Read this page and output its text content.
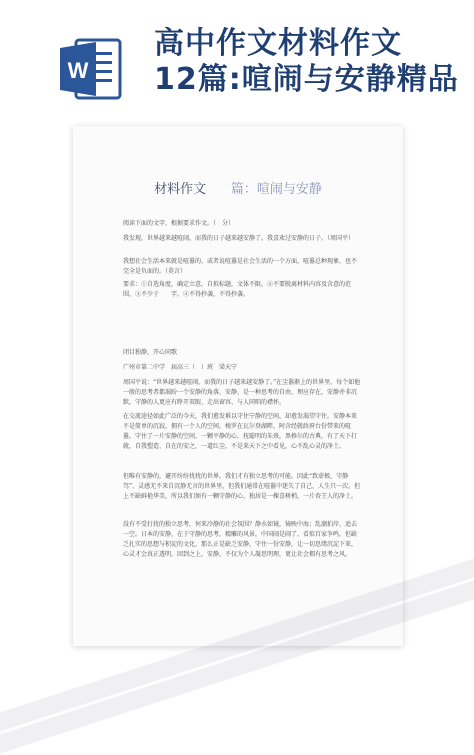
W
高中作文材料作文
12篇:喧闹与安静精品
材料作文 篇：喧闹与安静
阅读下面的文字，根据要求作文。（　分）
我发现，世界越来越喧闹，而我的日子越来越安静了。我喜欢过安静的日子。（周国平）
我想社会生活本来就是喧嚣的，或者说喧嚣是社会生活的一个方面，喧嚣总种现象，也不完全是负面的。（莫言）
要求：①自选角度，确定立意，自拟标题，文体不限。②不要脱离材料内容及含意的范围，③不少于　　字。④不得抄袭，不得抄袭。
闭目独静，开心同歌
广州市第二中学　届高三（　）班　梁天宁
周国平说：“世界越来越喧闹，而我的日子越来越安静了。”在尘嚣渐上的世界里，每个如他一般的思考者都渴盼一个安静的角落，安静，是一种思考的自由，理应存在，安静并非沉默，守静的人更应有睁开双眼、走出窗容、与人同唱的襟怀。
在交流途径如此广泛的今天，我们愈发难以守住宁静的空间，却愈发渴望守住。安静本来不是简单的沉寂，拥有一个人的空间，梭罗在瓦尔登湖畔，阿含经就政府台份带来的喧嚣，守住了一片安静的空间，一颗平静的心，抚聪明的朱熹，黑格尔的古典，有了天下打就，自我塑造、自在的安之，一道红尘，不是来天下之中看见，心不乱心灵的净土。
但唯有安静的，避开纷纷扰扰的世界，我们才有独立思考的可能。因此“致虚极，守静笃”，灵感无不来自沉静无言的世界里，但我们通常在喧嚣中迷失了自己，人生只一次，但上不缺鲜艳华美，所以我们须有一颗守静的心，独居是一棵喜树梢，一片杏王人的净土。
没有不受打扰的独立思考，何来冷静的社会氛围？静水如镜，镜映中海；乱潮拍岸，追去一空。日本的安静，在于守静的思考，精雕的风景，中国闹是闹了，看似百家争鸣，但缺乏扎实的思想与积淀的文化，那么正是缺乏安静，守住一份安静，让一切思绪沉淀下来，心灵才会真正透明，回到之上，安静，不仅为个人凝思明理，更让社会拥有思考之风。
